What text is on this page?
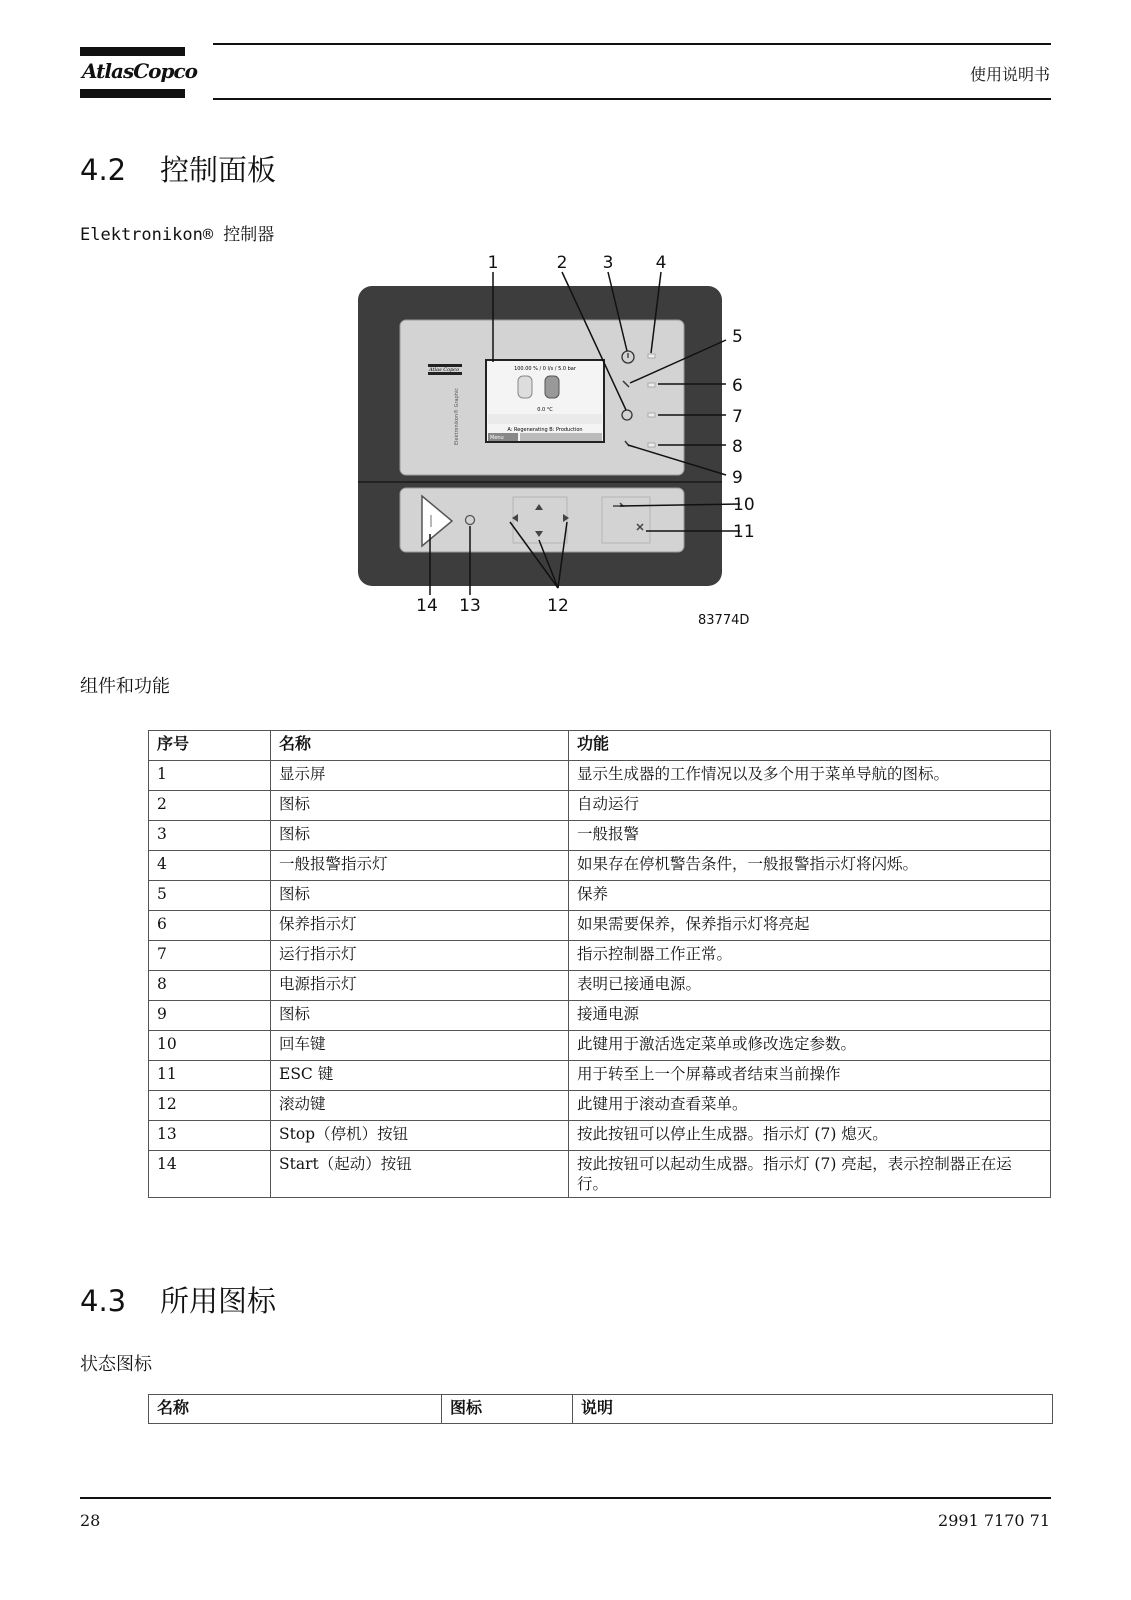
AtlasCopco	使用说明书
4.2 控制面板
Elektronikon® 控制器
Atlas Copco
Elektronikon® Graphic
100.00 % / 0 l/s / 5.0 bar
0.0 °C
A: Regenerating B: Production
Menu
1	2 3 4
5
6
7
8
9
10
11
12
13
14
83774D
组件和功能
序号	名称	功能
1	显示屏	显示生成器的工作情况以及多个用于菜单导航的图标。
2	图标	自动运行
3	图标	一般报警
4	一般报警指示灯	如果存在停机警告条件，一般报警指示灯将闪烁。
5	图标	保养
6	保养指示灯	如果需要保养，保养指示灯将亮起
7	运行指示灯	指示控制器工作正常。
8	电源指示灯	表明已接通电源。
9	图标	接通电源
10	回车键	此键用于激活选定菜单或修改选定参数。
11	ESC 键	用于转至上一个屏幕或者结束当前操作
12	滚动键	此键用于滚动查看菜单。
13	Stop（停机）按钮	按此按钮可以停止生成器。指示灯 (7) 熄灭。
14	Start（起动）按钮	按此按钮可以起动生成器。指示灯 (7) 亮起，表示控制器正在运行。
4.3 所用图标
状态图标
名称	图标	说明
28	2991 7170 71
